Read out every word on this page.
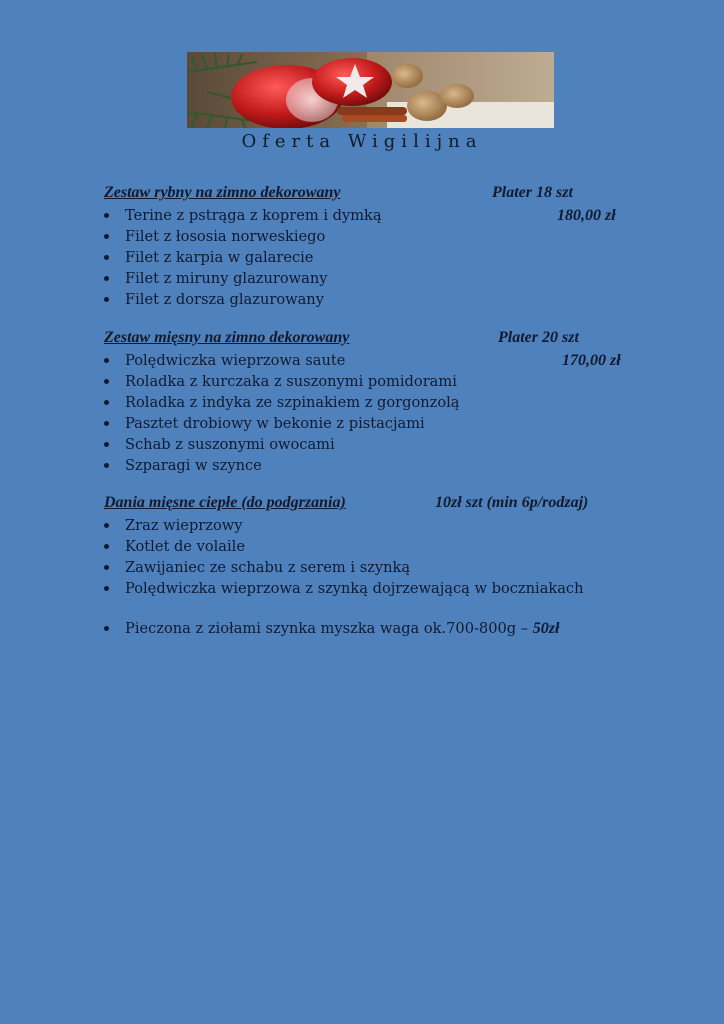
Oferta Wigilijna
Zestaw rybny na zimno dekorowany	Plater 18 szt
Terine z pstrąga z koprem i dymką	180,00 zł
Filet z łososia norweskiego
Filet z karpia w galarecie
Filet z miruny glazurowany
Filet z dorsza glazurowany
Zestaw mięsny na zimno dekorowany	Plater 20 szt
Polędwiczka wieprzowa saute	170,00 zł
Roladka z kurczaka z suszonymi pomidorami
Roladka z indyka ze szpinakiem z gorgonzolą
Pasztet drobiowy w bekonie z pistacjami
Schab z suszonymi owocami
Szparagi w szynce
Dania mięsne ciepłe (do podgrzania)	10zł szt (min 6p/rodzaj)
Zraz wieprzowy
Kotlet de volaile
Zawijaniec ze schabu z serem i szynką
Polędwiczka wieprzowa z szynką dojrzewającą w boczniakach
Pieczona z ziołami szynka myszka waga ok.700-800g – 50zł
